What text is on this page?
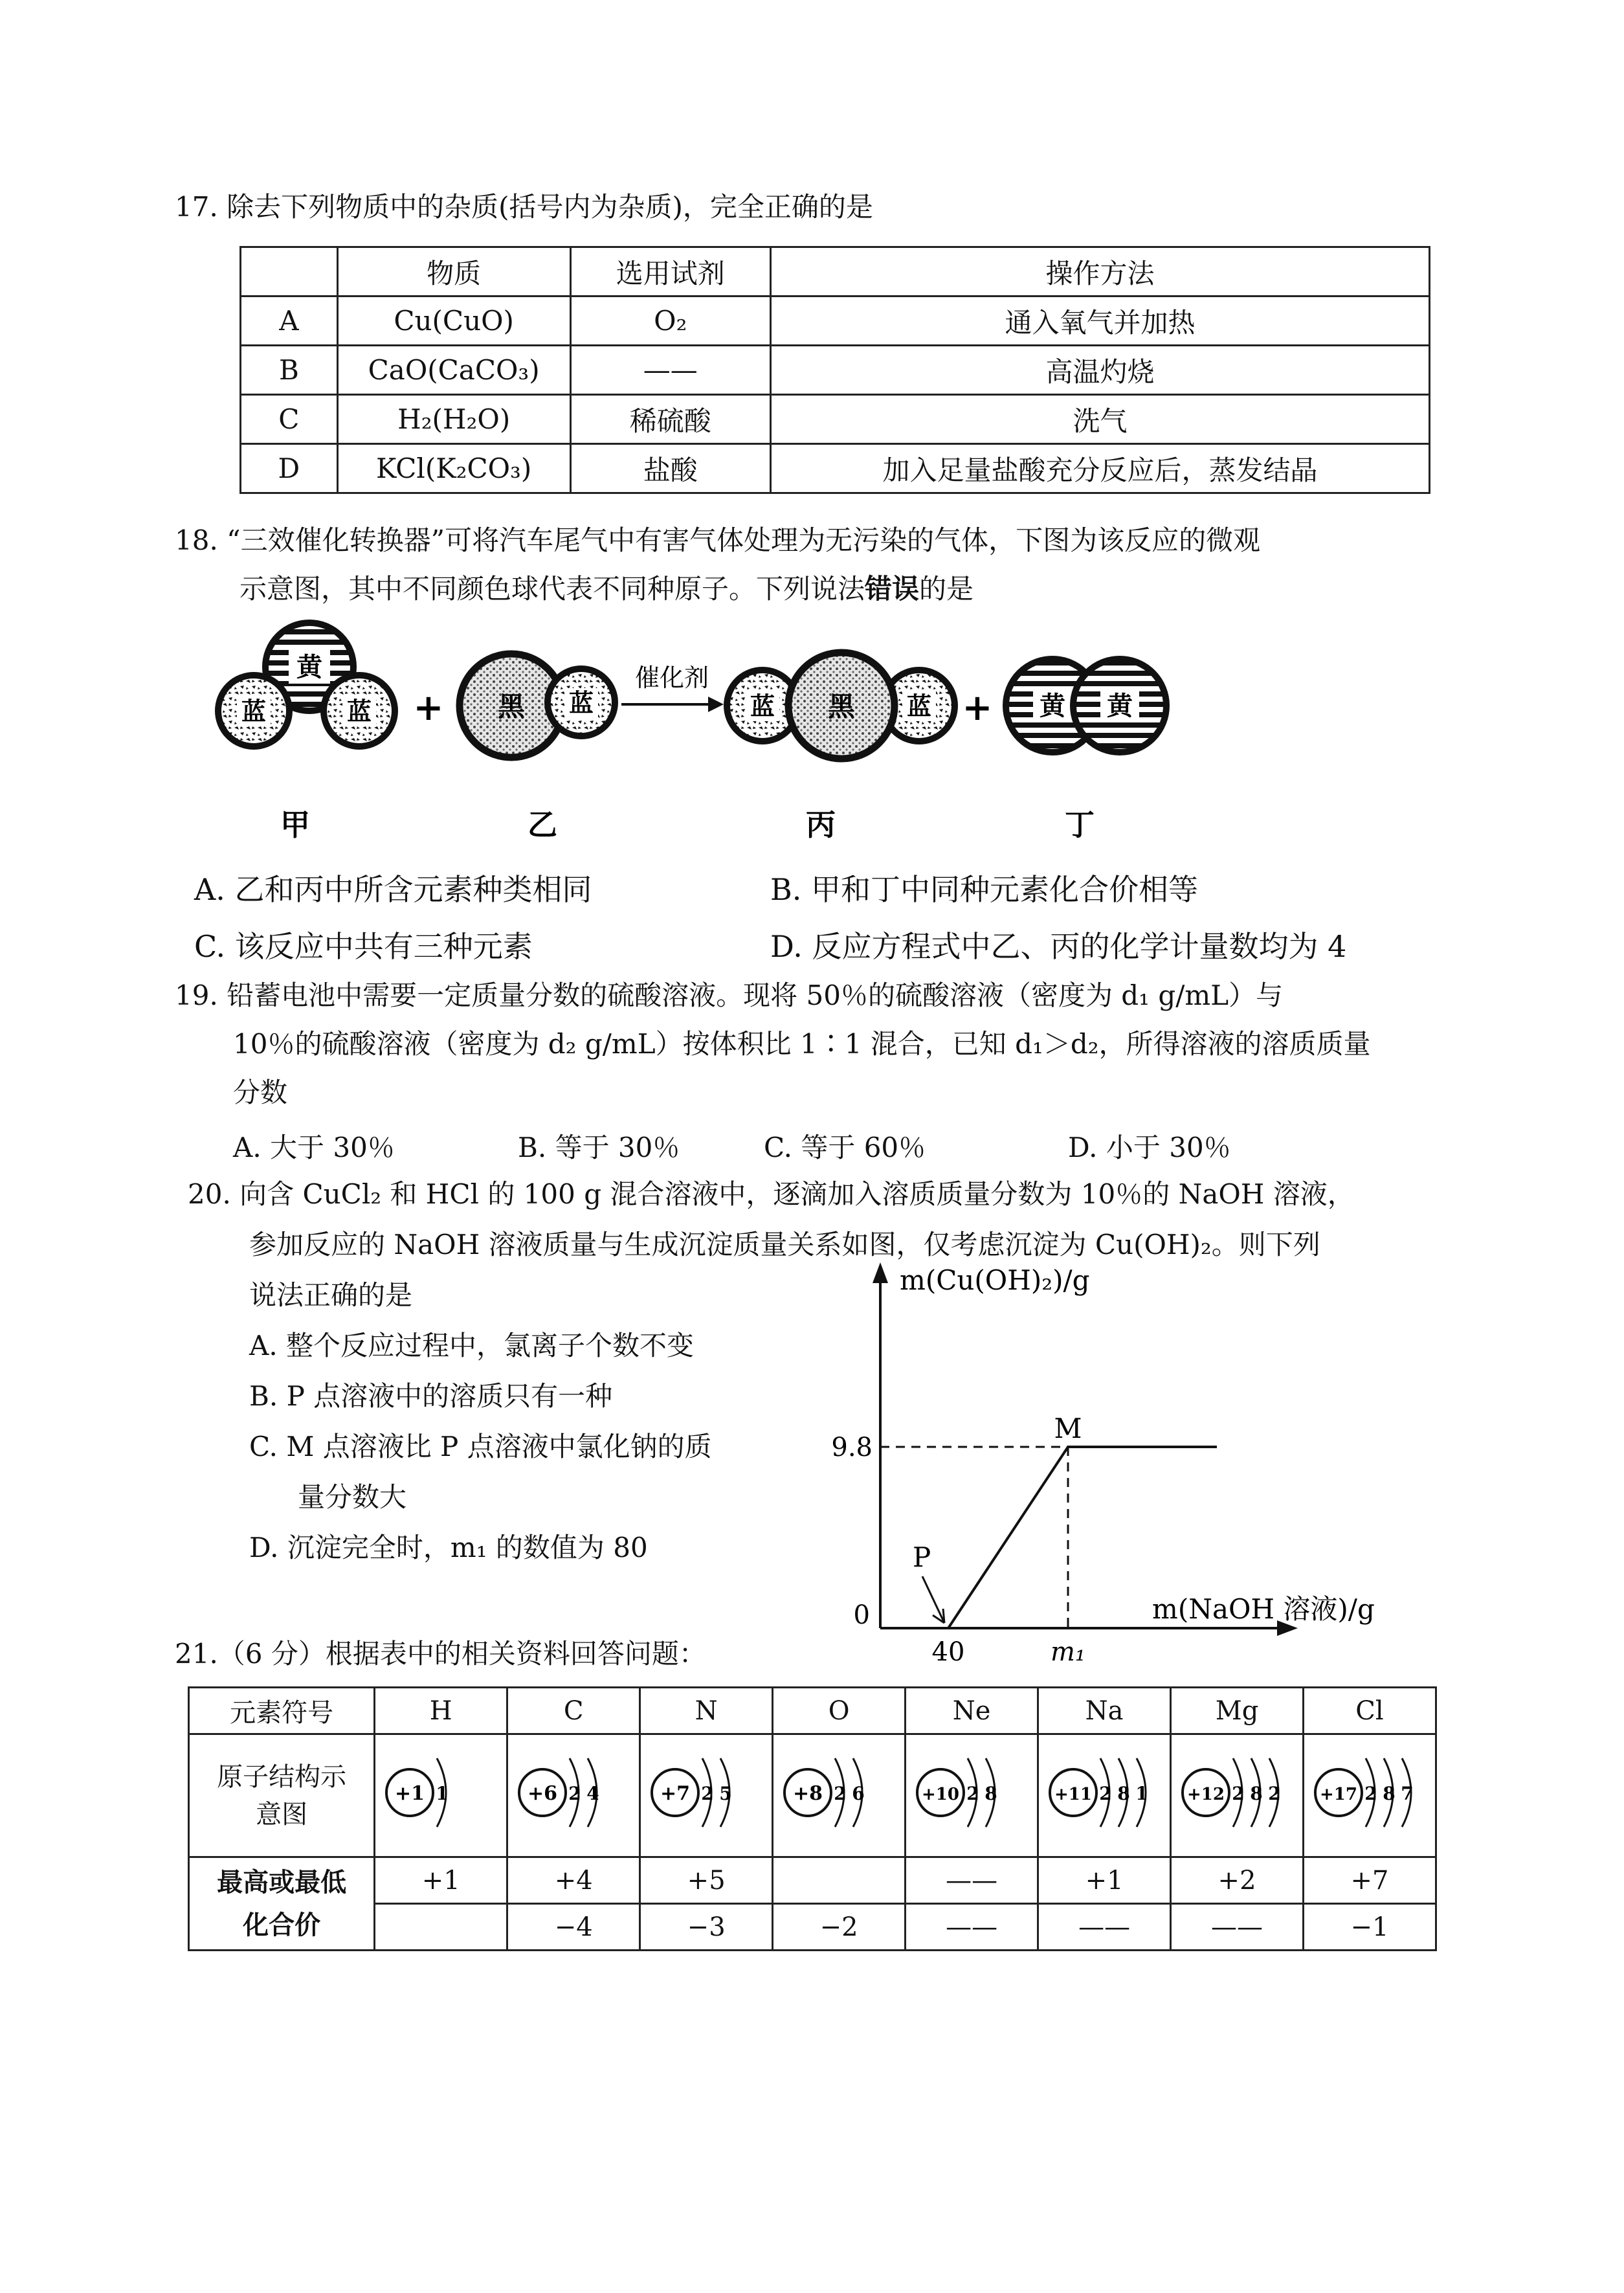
17. 除去下列物质中的杂质(括号内为杂质)，完全正确的是
	物质	选用试剂	操作方法
A	Cu(CuO)	O₂	通入氧气并加热
B	CaO(CaCO₃)	——	高温灼烧
C	H₂(H₂O)	稀硫酸	洗气
D	KCl(K₂CO₃)	盐酸	加入足量盐酸充分反应后，蒸发结晶
18. “三效催化转换器”可将汽车尾气中有害气体处理为无污染的气体，下图为该反应的微观
示意图，其中不同颜色球代表不同种原子。下列说法错误的是
黄
蓝	蓝 + 黑 蓝
催化剂
蓝	蓝
黑	+ 黄 黄
甲	乙	丙	丁
A. 乙和丙中所含元素种类相同	B. 甲和丁中同种元素化合价相等
C. 该反应中共有三种元素	D. 反应方程式中乙、丙的化学计量数均为 4
19. 铅蓄电池中需要一定质量分数的硫酸溶液。现将 50％的硫酸溶液（密度为 d₁ g/mL）与
10％的硫酸溶液（密度为 d₂ g/mL）按体积比 1∶1 混合，已知 d₁＞d₂，所得溶液的溶质质量
分数
A. 大于 30％	B. 等于 30％	C. 等于 60％	D. 小于 30％
20. 向含 CuCl₂ 和 HCl 的 100 g 混合溶液中，逐滴加入溶质质量分数为 10％的 NaOH 溶液，
参加反应的 NaOH 溶液质量与生成沉淀质量关系如图，仅考虑沉淀为 Cu(OH)₂。则下列
说法正确的是
A. 整个反应过程中，氯离子个数不变
B. P 点溶液中的溶质只有一种
C. M 点溶液比 P 点溶液中氯化钠的质
量分数大
D. 沉淀完全时，m₁ 的数值为 80
m(Cu(OH)₂)/g
m(NaOH 溶液)/g
0
40	m₁
9.8
P
M
21.（6 分）根据表中的相关资料回答问题：
元素符号	H	C	N	O	Ne	Na	Mg	Cl
原子结构示意图	+1 1	+6 2 4	+7 2 5	+8 2 6	+10 2 8	+11 2 8 1	+12 2 8 2	+17 2 8 7

最高或最低化合价	+1	+4	+5		——	+1	+2	+7
		−4	−3	−2	——	——	——	−1
